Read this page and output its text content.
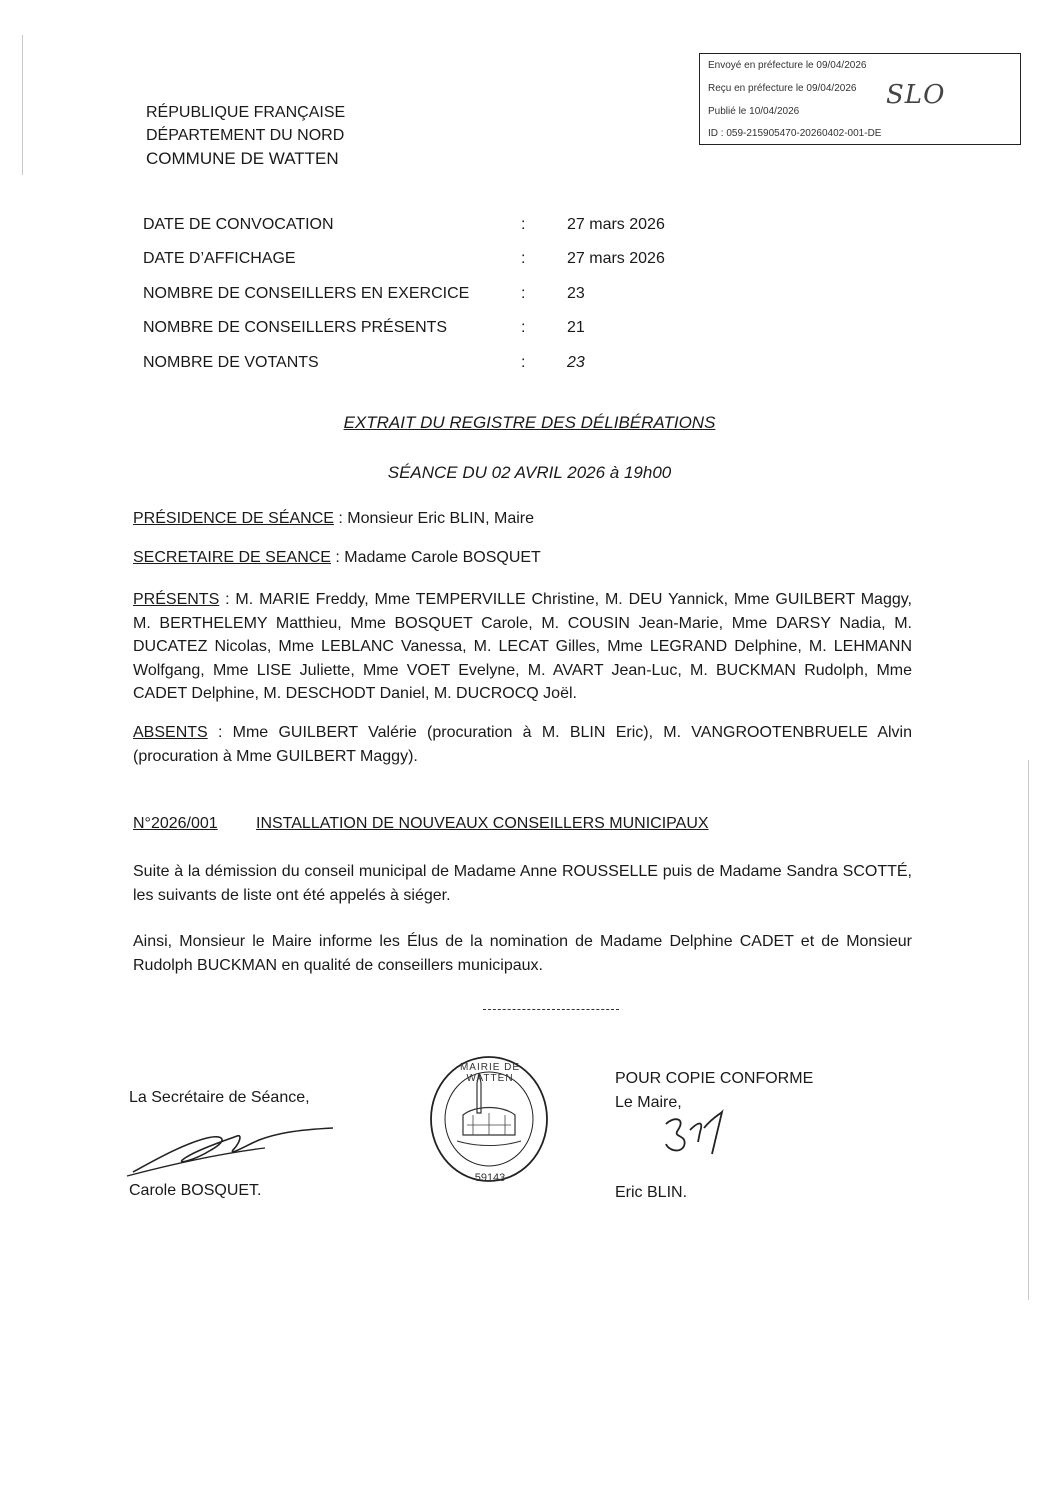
Envoyé en préfecture le 09/04/2026
Reçu en préfecture le 09/04/2026
Publié le 10/04/2026
ID : 059-215905470-20260402-001-DE
SLO
RÉPUBLIQUE FRANÇAISE
DÉPARTEMENT DU NORD
COMMUNE DE WATTEN
DATE DE CONVOCATION	:	27 mars 2026
DATE D’AFFICHAGE	:	27 mars 2026
NOMBRE DE CONSEILLERS EN EXERCICE	:	23
NOMBRE DE CONSEILLERS PRÉSENTS	:	21
NOMBRE DE VOTANTS	:	23
EXTRAIT DU REGISTRE DES DÉLIBÉRATIONS
SÉANCE DU 02 AVRIL 2026 à 19h00
PRÉSIDENCE DE SÉANCE : Monsieur Eric BLIN, Maire
SECRETAIRE DE SEANCE : Madame Carole BOSQUET
PRÉSENTS : M. MARIE Freddy, Mme TEMPERVILLE Christine, M. DEU Yannick, Mme GUILBERT Maggy, M. BERTHELEMY Matthieu, Mme BOSQUET Carole, M. COUSIN Jean-Marie, Mme DARSY Nadia, M. DUCATEZ Nicolas, Mme LEBLANC Vanessa, M. LECAT Gilles, Mme LEGRAND Delphine, M. LEHMANN Wolfgang, Mme LISE Juliette, Mme VOET Evelyne, M. AVART Jean-Luc, M. BUCKMAN Rudolph, Mme CADET Delphine, M. DESCHODT Daniel, M. DUCROCQ Joël.
ABSENTS : Mme GUILBERT Valérie (procuration à M. BLIN Eric), M. VANGROOTENBRUELE Alvin (procuration à Mme GUILBERT Maggy).
N°2026/001 INSTALLATION DE NOUVEAUX CONSEILLERS MUNICIPAUX
Suite à la démission du conseil municipal de Madame Anne ROUSSELLE puis de Madame Sandra SCOTTÉ, les suivants de liste ont été appelés à siéger.
Ainsi, Monsieur le Maire informe les Élus de la nomination de Madame Delphine CADET et de Monsieur Rudolph BUCKMAN en qualité de conseillers municipaux.
La Secrétaire de Séance,
Carole BOSQUET.
MAIRIE DE WATTEN
59143
POUR COPIE CONFORME
Le Maire,
Eric BLIN.
